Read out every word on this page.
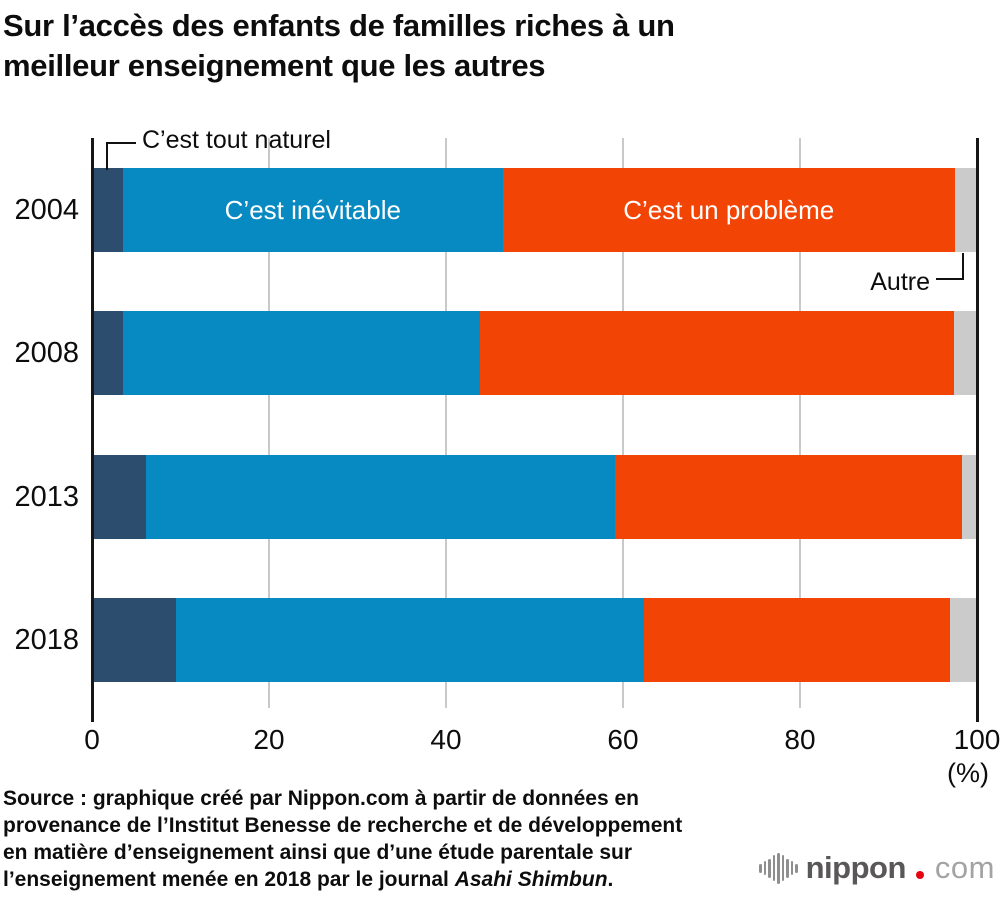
Sur l’accès des enfants de familles riches à un
meilleur enseignement que les autres
C’est inévitable	C’est un problème
2004
2008
2013
2018
0	20	40	60	80	100
C’est tout naturel
Autre
(%)
Source : graphique créé par Nippon.com à partir de données en
provenance de l’Institut Benesse de recherche et de développement
en matière d’enseignement ainsi que d’une étude parentale sur
l’enseignement menée en 2018 par le journal Asahi Shimbun.	nippon com
